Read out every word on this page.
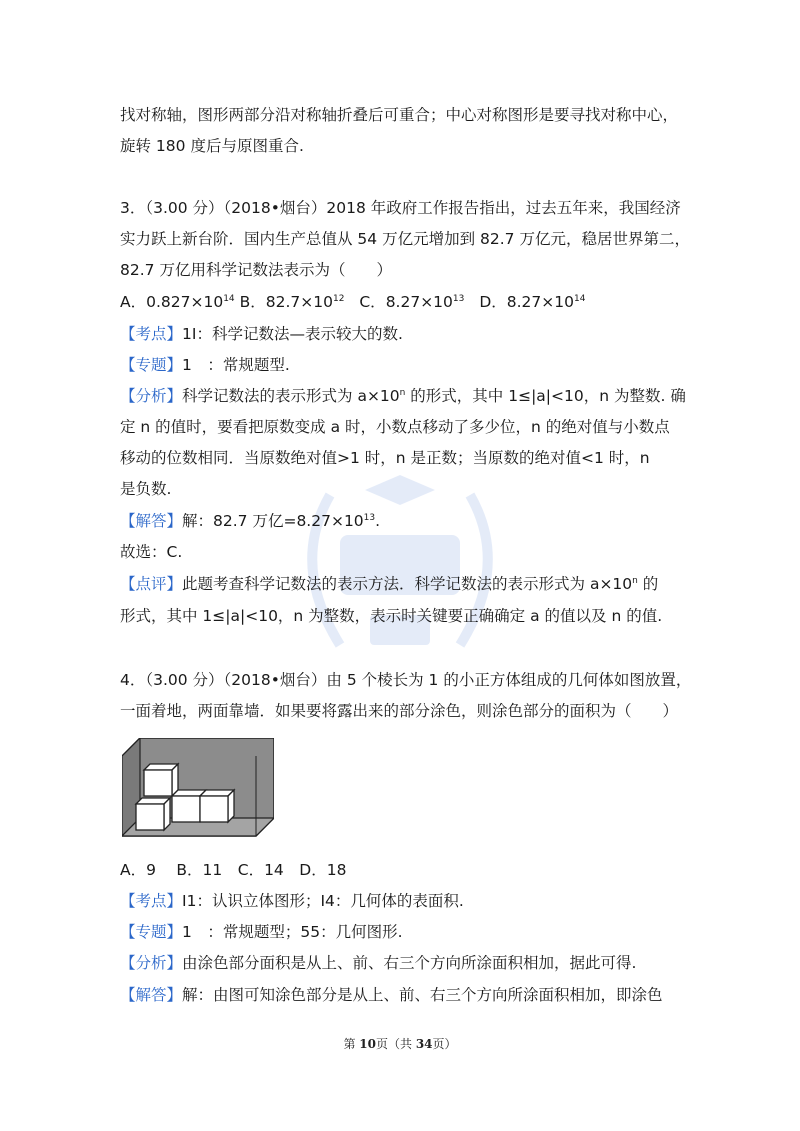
找对称轴，图形两部分沿对称轴折叠后可重合；中心对称图形是要寻找对称中心，
旋转 180 度后与原图重合.
3．（3.00 分）（2018•烟台）2018 年政府工作报告指出，过去五年来，我国经济
实力跃上新台阶．国内生产总值从 54 万亿元增加到 82.7 万亿元，稳居世界第二，
82.7 万亿用科学记数法表示为（　　）
A．$0.827\times 10^{14}$ B．$82.7\times 10^{12}$ C．$8.27\times 10^{13}$ D．$8.27\times 10^{14}$
【考点】1I：科学记数法—表示较大的数.
【专题】1　：常规题型.
【分析】科学记数法的表示形式为 $a\times 10^n$ 的形式，其中 1≤|a|<10，n 为整数. 确
定 n 的值时，要看把原数变成 a 时，小数点移动了多少位，n 的绝对值与小数点
移动的位数相同．当原数绝对值>1 时，n 是正数；当原数的绝对值<1 时，n
是负数.
【解答】解：82.7 万亿$=8.27\times 10^{13}$.
故选：C.
【点评】此题考查科学记数法的表示方法．科学记数法的表示形式为 $a\times 10^n$ 的
形式，其中 1≤|a|<10，n 为整数，表示时关键要正确确定 a 的值以及 n 的值.
4．（3.00 分）（2018•烟台）由 5 个棱长为 1 的小正方体组成的几何体如图放置，
一面着地，两面靠墙．如果要将露出来的部分涂色，则涂色部分的面积为（　　）
A．9　 B．11　C．14　D．18
【考点】I1：认识立体图形；I4：几何体的表面积.
【专题】1　：常规题型；55：几何图形.
【分析】由涂色部分面积是从上、前、右三个方向所涂面积相加，据此可得.
【解答】解：由图可知涂色部分是从上、前、右三个方向所涂面积相加，即涂色
第 10页（共 34页）
